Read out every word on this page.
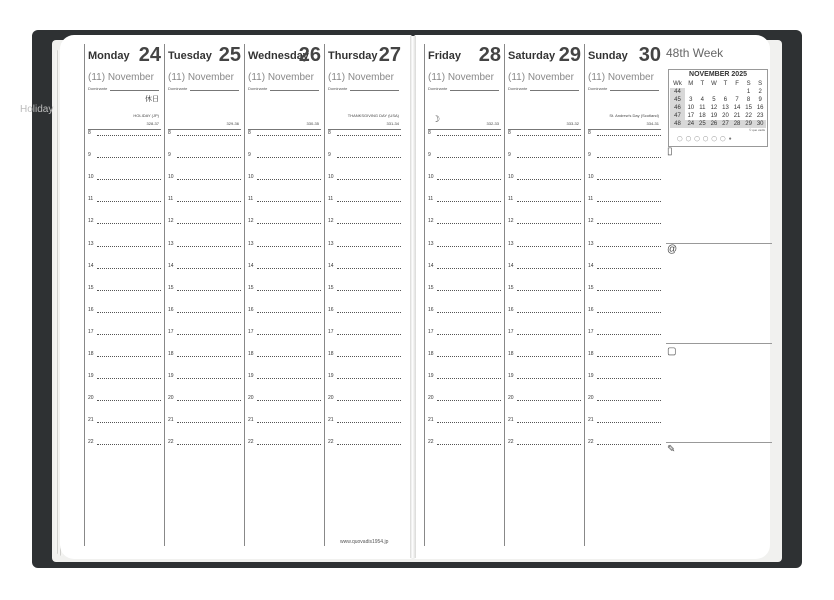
Monday 24
(11) November
Dominante
休日
HOLIDAY (JP)
328-37
8
9
10
11
12
13
14
15
16
17
18
19
20
21
22
Tuesday 25
(11) November
Dominante
329-36
8
9
10
11
12
13
14
15
16
17
18
19
20
21
22
Wednesday
26
(11) November
Dominante
330-35
8
9
10
11
12
13
14
15
16
17
18
19
20
21
22
Thursday 27
(11) November
Dominante
THANKSGIVING DAY (USA)
331-34
8
9
10
11
12
13
14
15
16
17
18
19
20
21
22
Friday 28
(11) November
Dominante
☽	332-33
8
9
10
11
12
13
14
15
16
17
18
19
20
21
22
Saturday 29
(11) November
Dominante
333-32
8
9
10
11
12
13
14
15
16
17
18
19
20
21
22
Sunday 30
(11) November
Dominante
St. Andrew's Day (Scotland)
334-31
8
9
10
11
12
13
14
15
16
17
18
19
20
21
22
Holiday
48th Week
NOVEMBER 2025
Wk	M	T	W	T	F	S	S
44						1	2
45	3	4	5	6	7	8	9
46	10	11	12	13	14	15	16
47	17	18	19	20	21	22	23
48	24	25	26	27	28	29	30
© quo vadis
◯◯◯◯◯◯●
▯
@
▢
✎
www.quovadis1954.jp
